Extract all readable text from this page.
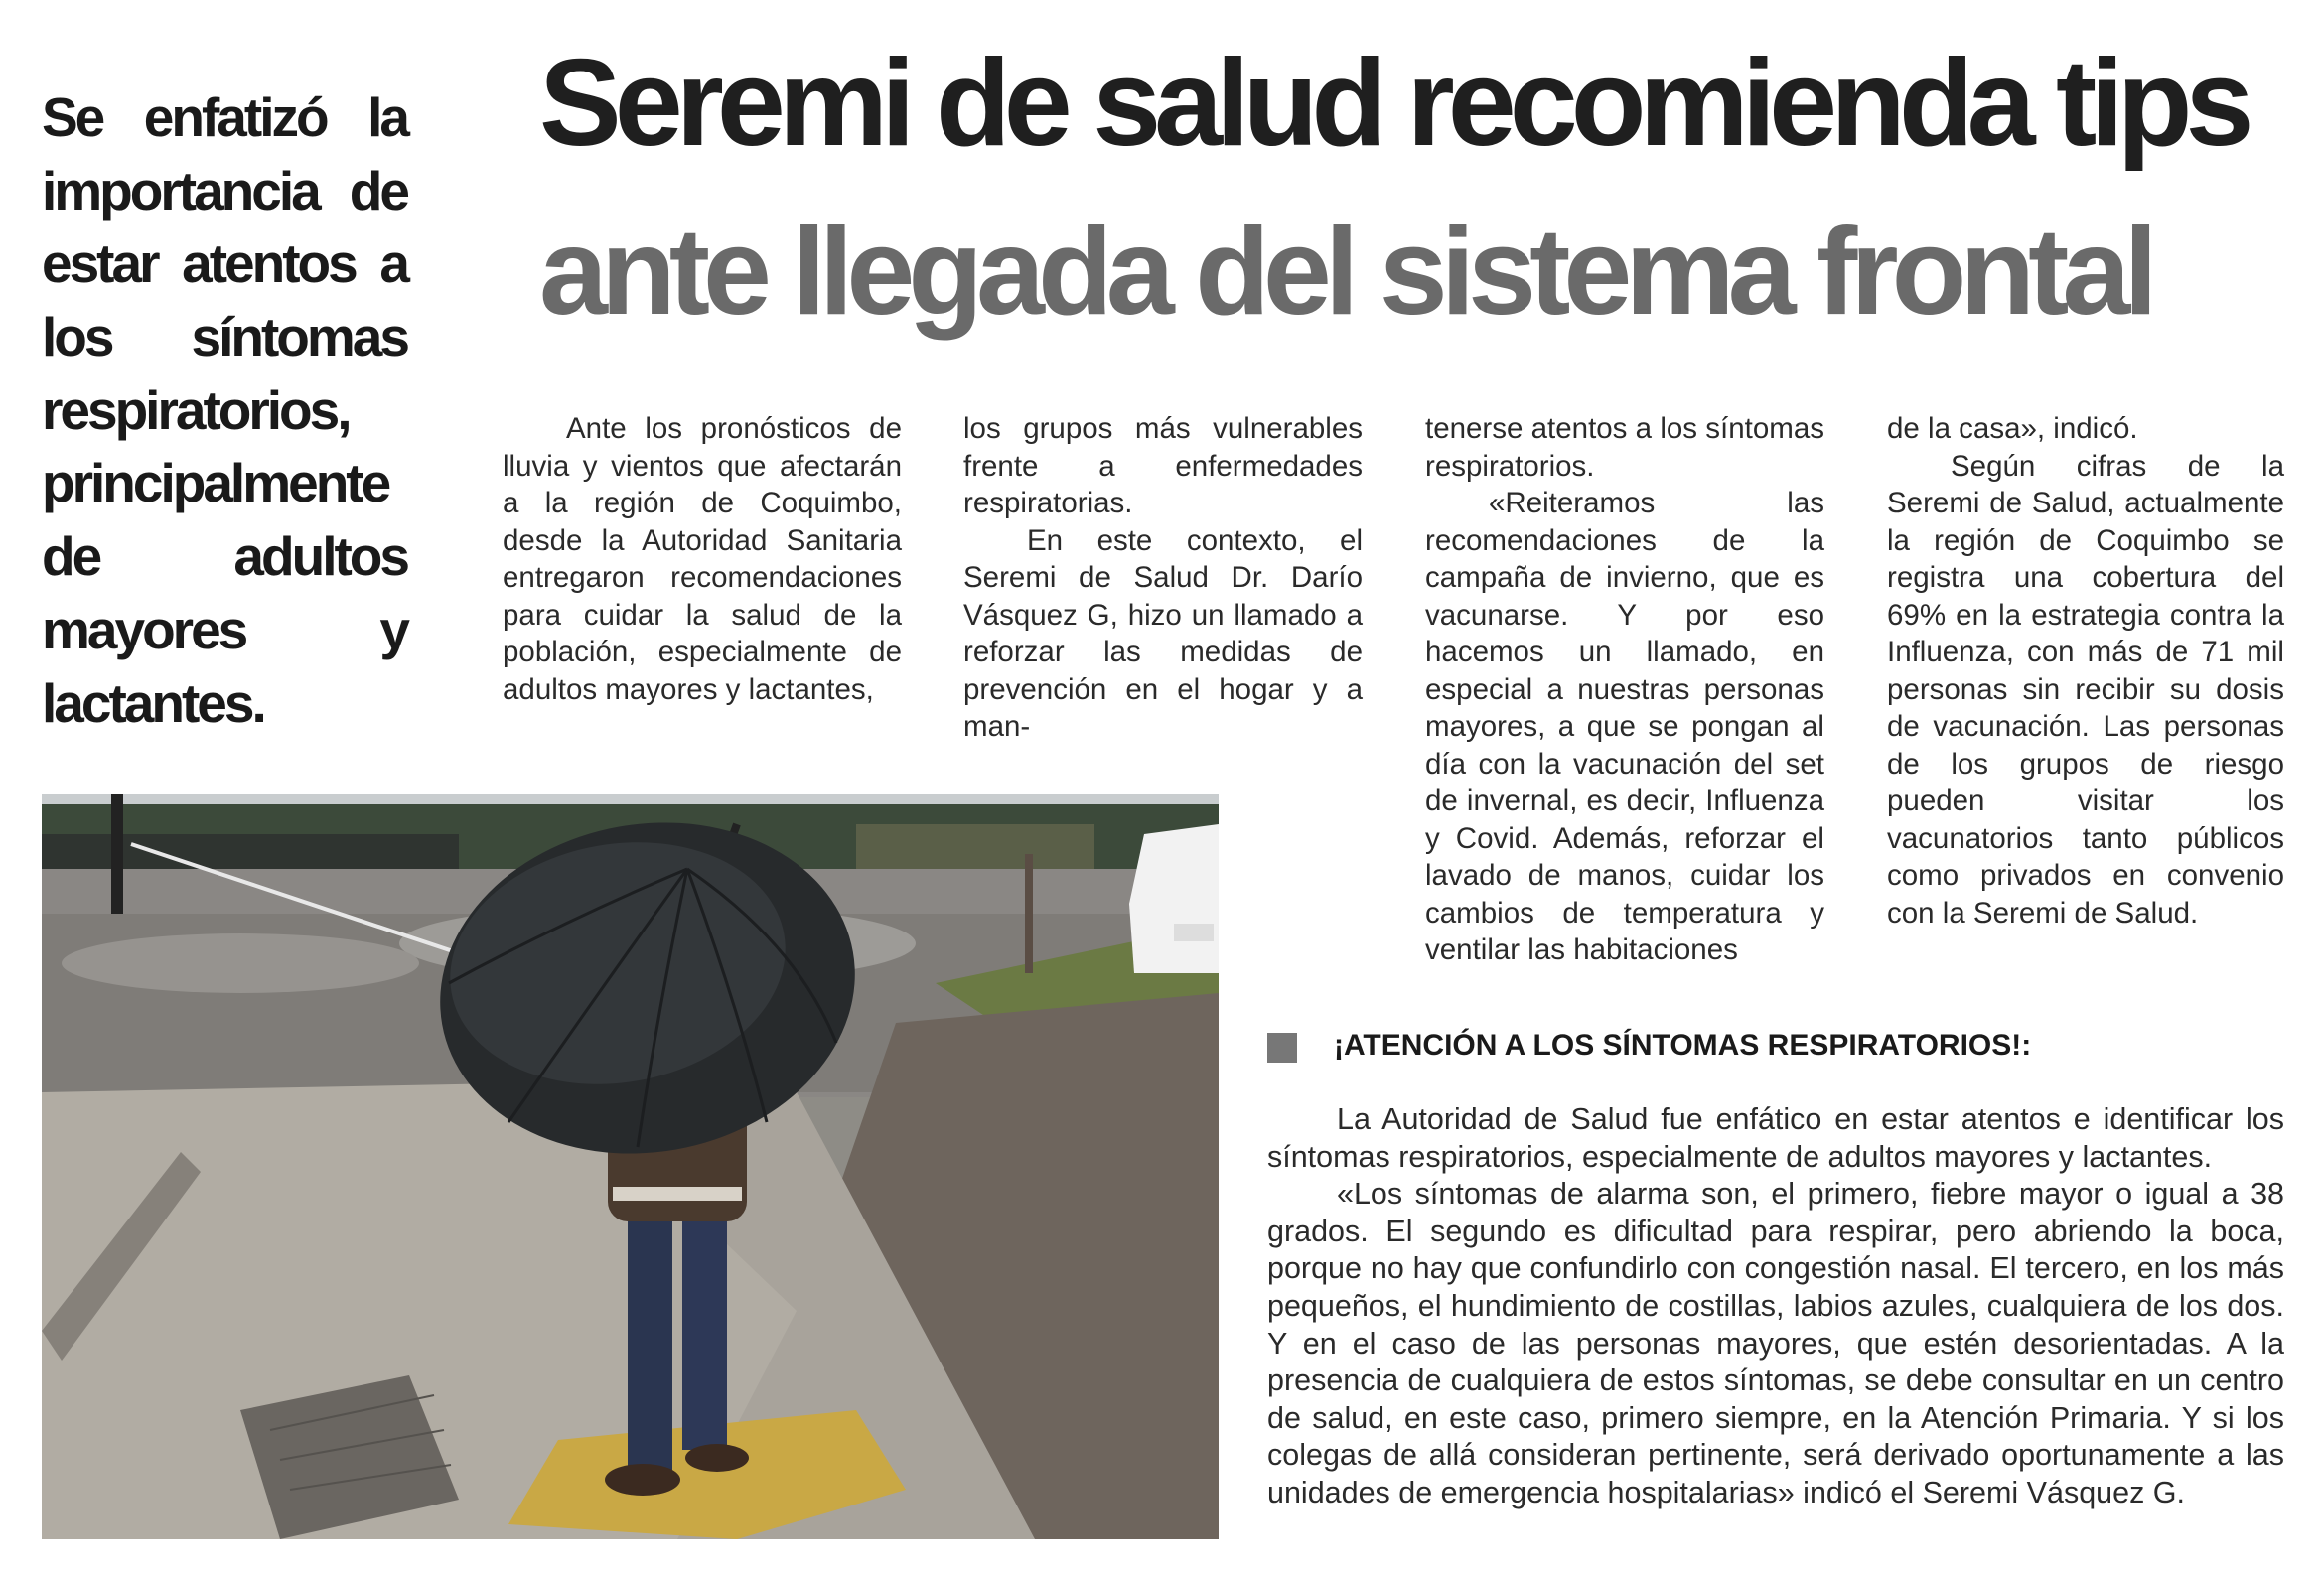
Se enfatizó la importancia de estar atentos a los síntomas respiratorios, principalmente de adultos mayores y lactantes.
Seremi de salud recomienda tips
ante llegada del sistema frontal

Ante los pronósticos de lluvia y vientos que afectarán a la región de Coquimbo, desde la Autoridad Sanitaria entregaron recomendaciones para cuidar la salud de la población, especialmente de adultos mayores y lactantes,

los grupos más vulnerables frente a enfermedades respiratorias.

En este contexto, el Seremi de Salud Dr. Darío Vásquez G, hizo un llamado a reforzar las medidas de prevención en el hogar y a man-

tenerse atentos a los síntomas respiratorios.

«Reiteramos las recomendaciones de la campaña de invierno, que es vacunarse. Y por eso hacemos un llamado, en especial a nuestras personas mayores, a que se pongan al día con la vacunación del set de invernal, es decir, Influenza y Covid. Además, reforzar el lavado de manos, cuidar los cambios de temperatura y ventilar las habitaciones

de la casa», indicó.

Según cifras de la Seremi de Salud, actualmente la región de Coquimbo se registra una cobertura del 69% en la estrategia contra la Influenza, con más de 71 mil personas sin recibir su dosis de vacunación. Las personas de los grupos de riesgo pueden visitar los vacunatorios tanto públicos como privados en convenio con la Seremi de Salud.

¡ATENCIÓN A LOS SÍNTOMAS RESPIRATORIOS!:

La Autoridad de Salud fue enfático en estar atentos e identificar los síntomas respiratorios, especialmente de adultos mayores y lactantes.

«Los síntomas de alarma son, el primero, fiebre mayor o igual a 38 grados. El segundo es dificultad para respirar, pero abriendo la boca, porque no hay que confundirlo con congestión nasal. El tercero, en los más pequeños, el hundimiento de costillas, labios azules, cualquiera de los dos. Y en el caso de las personas mayores, que estén desorientadas. A la presencia de cualquiera de estos síntomas, se debe consultar en un centro de salud, en este caso, primero siempre, en la Atención Primaria. Y si los colegas de allá consideran pertinente, será derivado oportunamente a las unidades de emergencia hospitalarias» indicó el Seremi Vásquez G.
